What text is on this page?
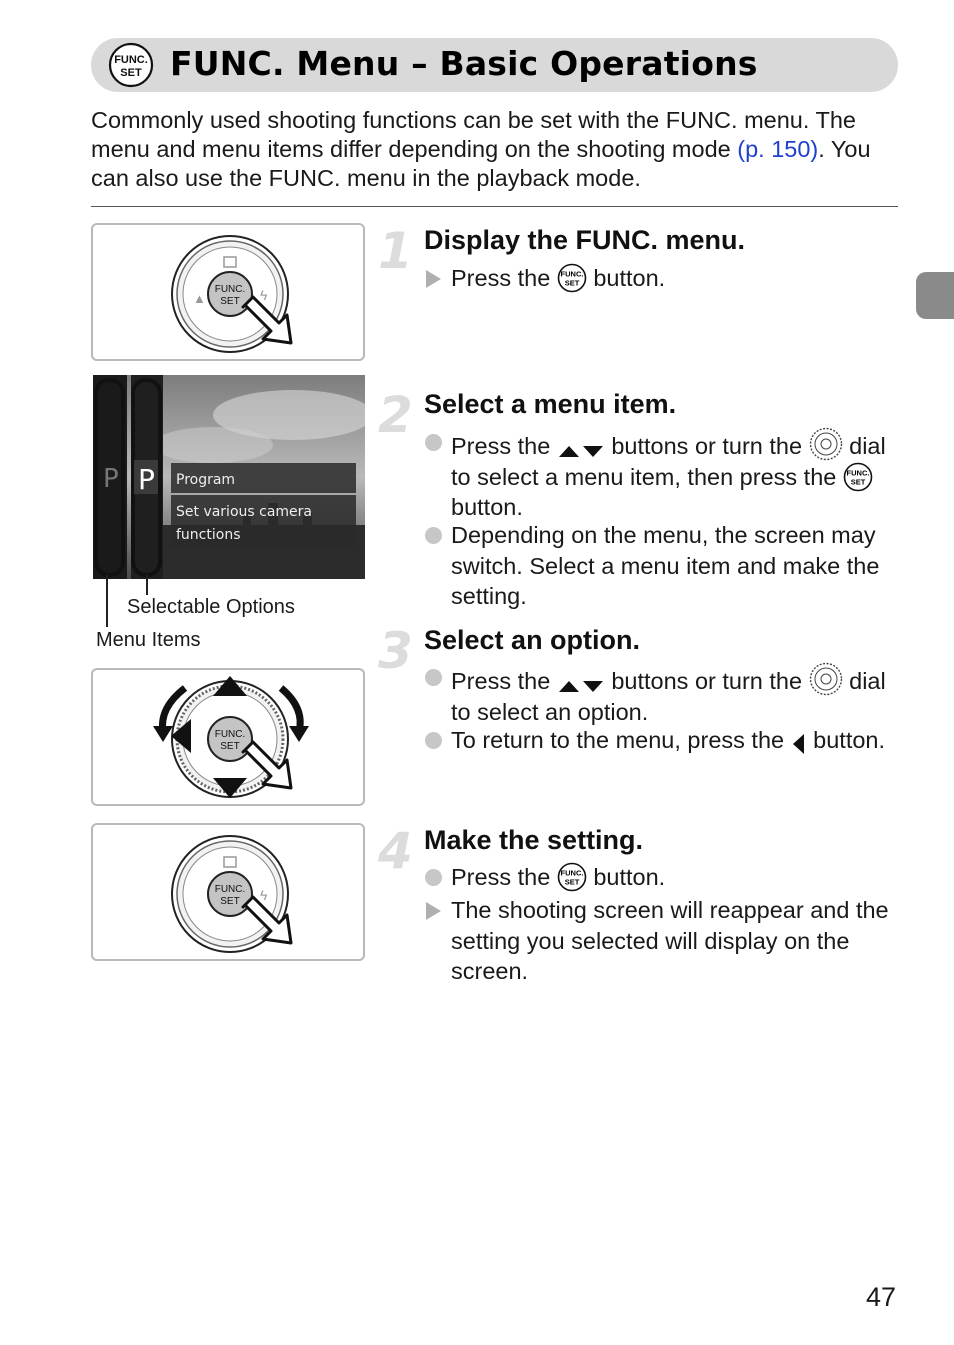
FUNC.
SET FUNC. Menu – Basic Operations
Commonly used shooting functions can be set with the FUNC. menu. The menu and menu items differ depending on the shooting mode (p. 150). You can also use the FUNC. menu in the playback mode.
FUNC.
SET ϟ
▲
P P Program
Set various camera
functions
Selectable Options
Menu Items
FUNC.
SET
FUNC.
SET ϟ
1 Display the FUNC. menu.
Press the FUNC.
SET button.
2 Select a menu item.
Press the  buttons or turn the  dial to select a menu item, then press the FUNC.
SET
button.
Depending on the menu, the screen may switch. Select a menu item and make the setting.
3 Select an option.
Press the  buttons or turn the  dial to select an option.
To return to the menu, press the  button.
4 Make the setting.
Press the FUNC.
SET button.
The shooting screen will reappear and the setting you selected will display on the screen.
47
